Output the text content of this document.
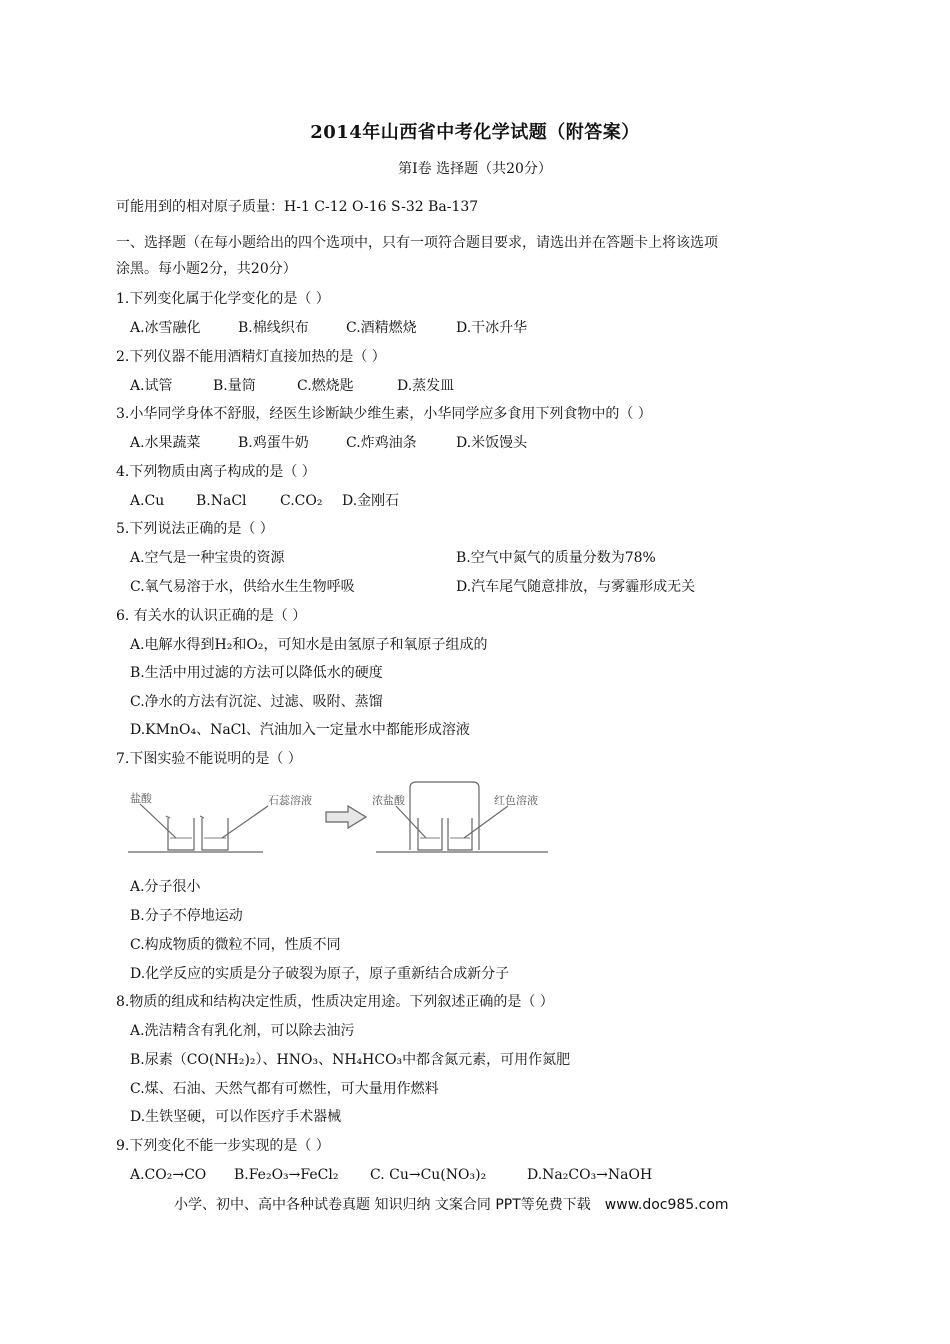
2014年山西省中考化学试题（附答案）
第Ⅰ卷 选择题（共20分）
可能用到的相对原子质量：H-1 C-12 O-16 S-32 Ba-137
一、选择题（在每小题给出的四个选项中，只有一项符合题目要求，请选出并在答题卡上将该选项
涂黑。每小题2分，共20分）
1.下列变化属于化学变化的是（ ）
A.冰雪融化	B.棉线织布	C.酒精燃烧	D.干冰升华
2.下列仪器不能用酒精灯直接加热的是（ ）
A.试管	B.量筒	C.燃烧匙	D.蒸发皿
3.小华同学身体不舒服，经医生诊断缺少维生素，小华同学应多食用下列食物中的（ ）
A.水果蔬菜	B.鸡蛋牛奶	C.炸鸡油条	D.米饭馒头
4.下列物质由离子构成的是（ ）
A.Cu B.NaCl C.CO₂ D.金刚石
5.下列说法正确的是（ ）
A.空气是一种宝贵的资源	B.空气中氮气的质量分数为78%
C.氧气易溶于水，供给水生生物呼吸	D.汽车尾气随意排放，与雾霾形成无关
6. 有关水的认识正确的是（ ）
A.电解水得到H₂和O₂，可知水是由氢原子和氧原子组成的
B.生活中用过滤的方法可以降低水的硬度
C.净水的方法有沉淀、过滤、吸附、蒸馏
D.KMnO₄、NaCl、汽油加入一定量水中都能形成溶液
7.下图实验不能说明的是（ ）
盐酸	石蕊溶液	浓盐酸	红色溶液
A.分子很小
B.分子不停地运动
C.构成物质的微粒不同，性质不同
D.化学反应的实质是分子破裂为原子，原子重新结合成新分子
8.物质的组成和结构决定性质，性质决定用途。下列叙述正确的是（ ）
A.洗洁精含有乳化剂，可以除去油污
B.尿素（CO(NH₂)₂）、HNO₃、NH₄HCO₃中都含氮元素，可用作氮肥
C.煤、石油、天然气都有可燃性，可大量用作燃料
D.生铁坚硬，可以作医疗手术器械
9.下列变化不能一步实现的是（ ）
A.CO₂→CO B.Fe₂O₃→FeCl₂ C. Cu→Cu(NO₃)₂	D.Na₂CO₃→NaOH
小学、初中、高中各种试卷真题 知识归纳 文案合同 PPT等免费下载 www.doc985.com
